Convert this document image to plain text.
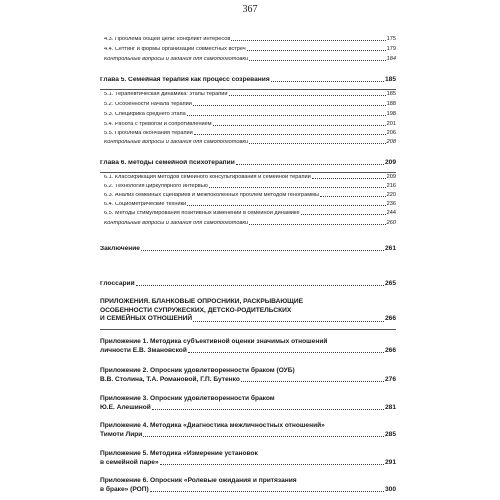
367
4.3. Проблема общей цели: конфликт интересов	175
4.4. Сеттинг и формы организации совместных встреч	179
Контрольные вопросы и задания для самоподготовки	184
Глава 5. Семейная терапия как процесс созревания	185
5.1. Терапевтическая динамика: этапы терапии	185
5.2. Особенности начала терапии	188
5.3. Специфика среднего этапа	198
5.4. Работа с тревогой и сопротивлением	201
5.5. Проблема окончания терапии	206
Контрольные вопросы и задания для самоподготовки	208
Глава 6. методы семейной психотерапии	209
6.1. Классификация методов семейного консультирования и семейной терапии	209
6.2. Технология циркулярного интервью	216
6.3. Анализ семейных сценариев и межпоколенных проблем методом генограммы	220
6.4. Социометрические техники	236
6.5. Методы стимулирования позитивных изменений в семейной динамике	244
Контрольные вопросы и задания для самоподготовки	260
Заключение	261
Глоссарий	265
ПРИЛОЖЕНИЯ. БЛАНКОВЫЕ ОПРОСНИКИ, РАСКРЫВАЮЩИЕ
ОСОБЕННОСТИ СУПРУЖЕСКИХ, ДЕТСКО-РОДИТЕЛЬСКИХ
И СЕМЕЙНЫХ ОТНОШЕНИЙ	266
Приложение 1. Методика субъективной оценки значимых отношений
личности Е.В. Змановской	266
Приложение 2. Опросник удовлетворенности браком (ОУБ)
В.В. Столина, Т.А. Романовой, Г.П. Бутенко	276
Приложение 3. Опросник удовлетворенности браком
Ю.Е. Алешиной	281
Приложение 4. Методика «Диагностика межличностных отношений»
Тимоти Лири	285
Приложение 5. Методика «Измерение установок
в семейной паре»	291
Приложение 6. Опросник «Ролевые ожидания и притязания
в браке» (РОП)	300
